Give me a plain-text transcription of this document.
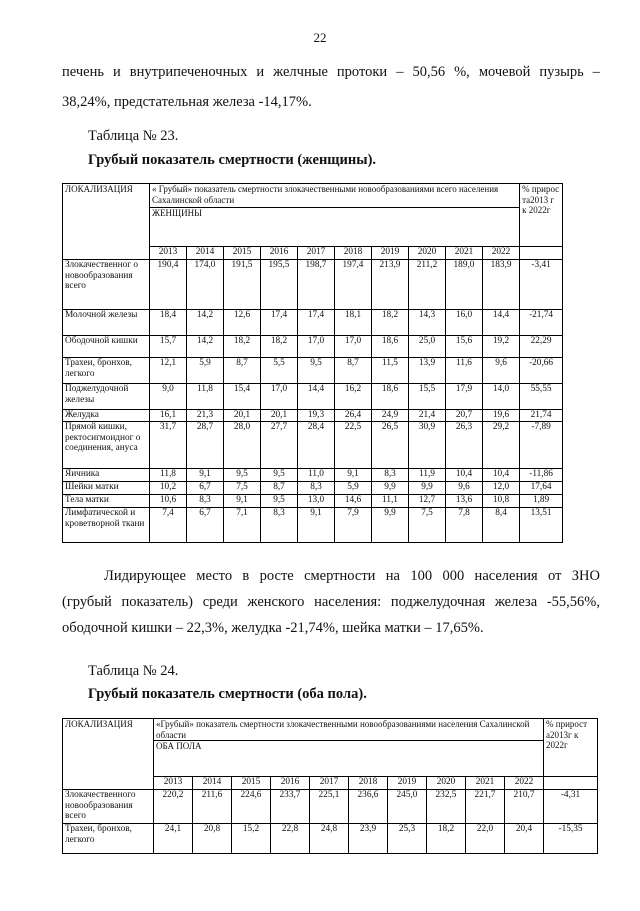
22
печень и внутрипеченочных и желчные протоки – 50,56 %, мочевой пузырь –
38,24%, предстательная железа -14,17%.
Таблица № 23.
Грубый показатель смертности (женщины).
ЛОКАЛИЗАЦИЯ	« Грубый» показатель смертности злокачественными новообразованиями всего населения Сахалинской области										% прирос та2013 г к 2022г
	ЖЕНЩИНЫ										
	2013	2014	2015	2016	2017	2018	2019	2020	2021	2022	
Злокачественног о новообразования всего	190,4	174,0	191,5	195,5	198,7	197,4	213,9	211,2	189,0	183,9	-3,41
Молочной железы	18,4	14,2	12,6	17,4	17,4	18,1	18,2	14,3	16,0	14,4	-21,74
Ободочной кишки	15,7	14,2	18,2	18,2	17,0	17,0	18,6	25,0	15,6	19,2	22,29
Трахеи, бронхов, легкого	12,1	5,9	8,7	5,5	9,5	8,7	11,5	13,9	11,6	9,6	-20,66
Поджелудочной железы	9,0	11,8	15,4	17,0	14,4	16,2	18,6	15,5	17,9	14,0	55,55
Желудка	16,1	21,3	20,1	20,1	19,3	26,4	24,9	21,4	20,7	19,6	21,74
Прямой кишки, ректосигмоидног о соединения, ануса	31,7	28,7	28,0	27,7	28,4	22,5	26,5	30,9	26,3	29,2	-7,89
Яичника	11,8	9,1	9,5	9,5	11,0	9,1	8,3	11,9	10,4	10,4	-11,86
Шейки матки	10,2	6,7	7,5	8,7	8,3	5,9	9,9	9,9	9,6	12,0	17,64
Тела матки	10,6	8,3	9,1	9,5	13,0	14,6	11,1	12,7	13,6	10,8	1,89
Лимфатической и кроветворной ткани	7,4	6,7	7,1	8,3	9,1	7,9	9,9	7,5	7,8	8,4	13,51
Лидирующее место в росте смертности на 100 000 населения от ЗНО
(грубый показатель) среди женского населения: поджелудочная железа -55,56%,
ободочной кишки – 22,3%, желудка -21,74%, шейка матки – 17,65%.
Таблица № 24.
Грубый показатель смертности (оба пола).
ЛОКАЛИЗАЦИЯ	«Грубый» показатель смертности злокачественными новообразованиями населения Сахалинской области										% прирост а2013г к 2022г
	ОБА ПОЛА										
	2013	2014	2015	2016	2017	2018	2019	2020	2021	2022	
Злокачественного новообразования всего	220,2	211,6	224,6	233,7	225,1	236,6	245,0	232,5	221,7	210,7	-4,31
Трахеи, бронхов, легкого	24,1	20,8	15,2	22,8	24,8	23,9	25,3	18,2	22,0	20,4	-15,35
